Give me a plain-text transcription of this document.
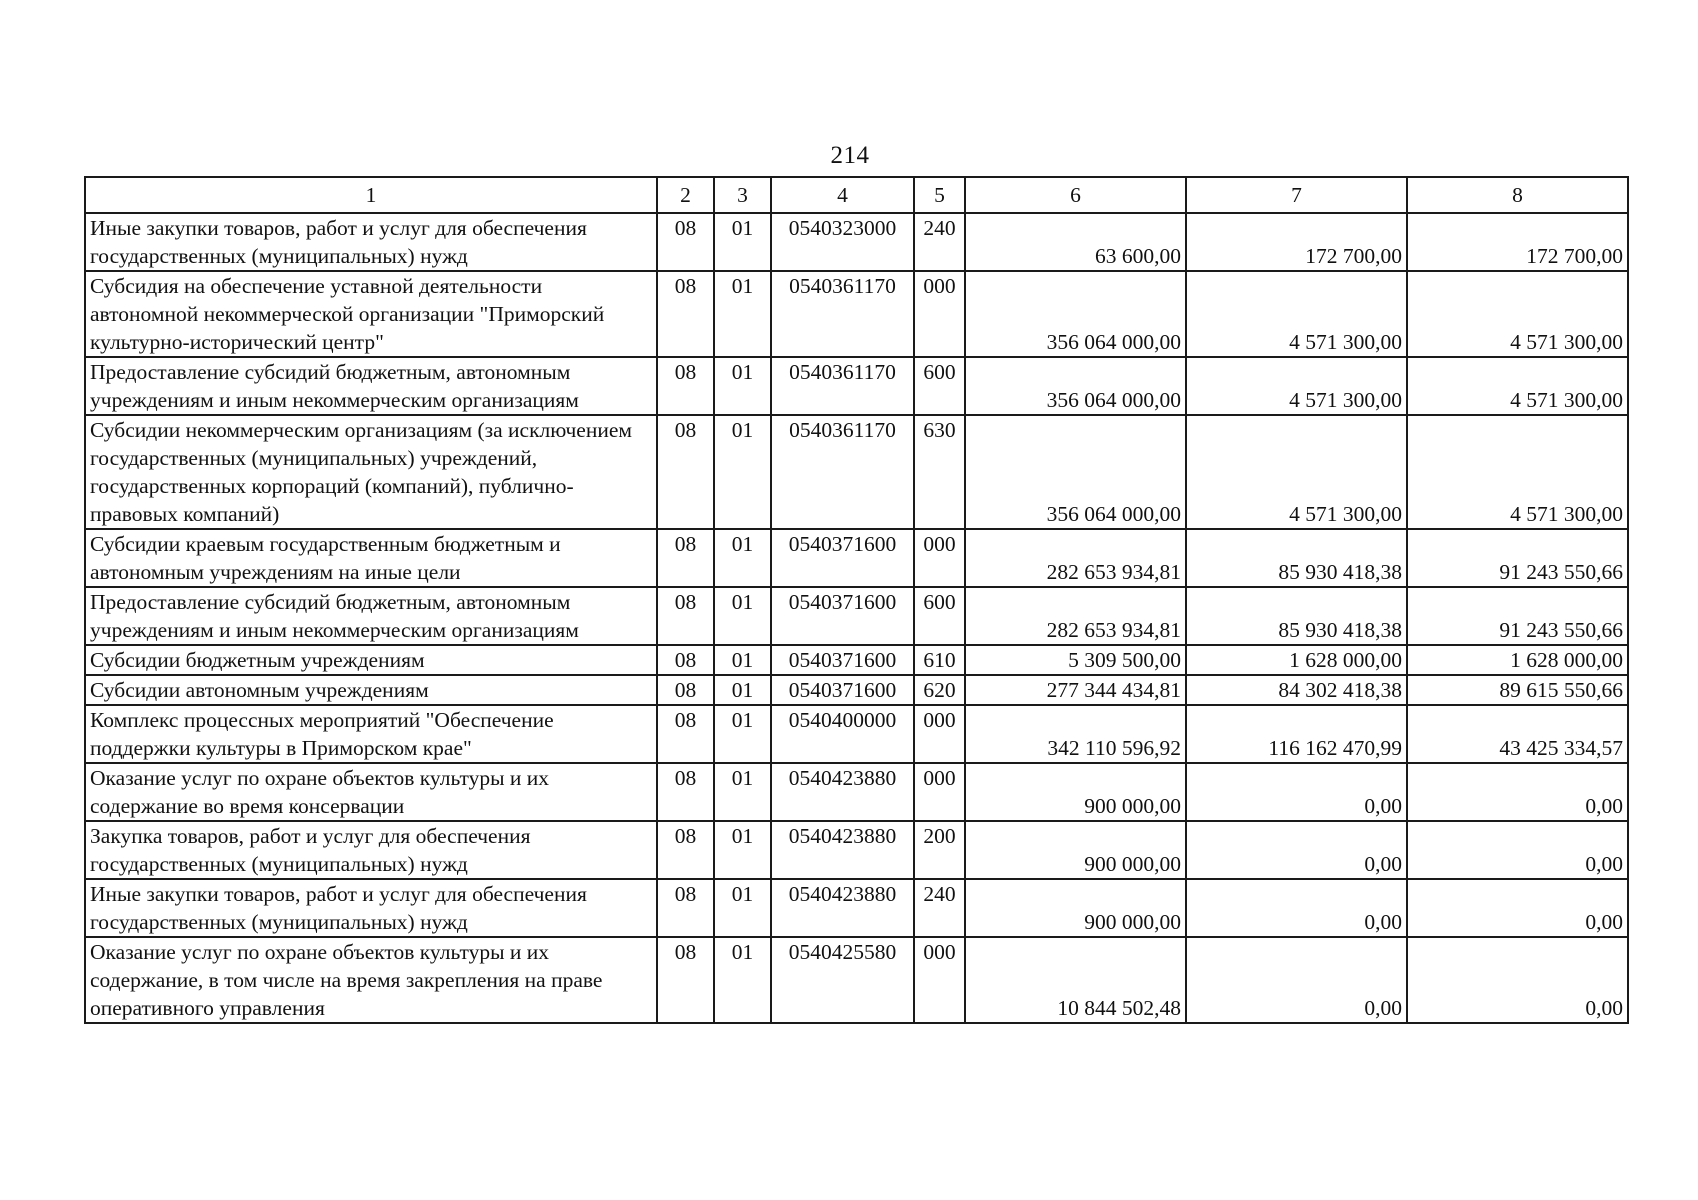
214
1	2	3	4	5	6	7	8
Иные закупки товаров, работ и услуг для обеспечения государственных (муниципальных) нужд	08	01	0540323000	240	63 600,00	172 700,00	172 700,00
Субсидия на обеспечение уставной деятельности автономной некоммерческой организации "Приморский культурно-исторический центр"	08	01	0540361170	000	356 064 000,00	4 571 300,00	4 571 300,00
Предоставление субсидий бюджетным, автономным учреждениям и иным некоммерческим организациям	08	01	0540361170	600	356 064 000,00	4 571 300,00	4 571 300,00
Субсидии некоммерческим организациям (за исключением государственных (муниципальных) учреждений, государственных корпораций (компаний), публично-правовых компаний)	08	01	0540361170	630	356 064 000,00	4 571 300,00	4 571 300,00
Субсидии краевым государственным бюджетным и автономным учреждениям на иные цели	08	01	0540371600	000	282 653 934,81	85 930 418,38	91 243 550,66
Предоставление субсидий бюджетным, автономным учреждениям и иным некоммерческим организациям	08	01	0540371600	600	282 653 934,81	85 930 418,38	91 243 550,66
Субсидии бюджетным учреждениям	08	01	0540371600	610	5 309 500,00	1 628 000,00	1 628 000,00
Субсидии автономным учреждениям	08	01	0540371600	620	277 344 434,81	84 302 418,38	89 615 550,66
Комплекс процессных мероприятий "Обеспечение поддержки культуры в Приморском крае"	08	01	0540400000	000	342 110 596,92	116 162 470,99	43 425 334,57
Оказание услуг по охране объектов культуры и их содержание во время консервации	08	01	0540423880	000	900 000,00	0,00	0,00
Закупка товаров, работ и услуг для обеспечения государственных (муниципальных) нужд	08	01	0540423880	200	900 000,00	0,00	0,00
Иные закупки товаров, работ и услуг для обеспечения государственных (муниципальных) нужд	08	01	0540423880	240	900 000,00	0,00	0,00
Оказание услуг по охране объектов культуры и их содержание, в том числе на время закрепления на праве оперативного управления	08	01	0540425580	000	10 844 502,48	0,00	0,00
